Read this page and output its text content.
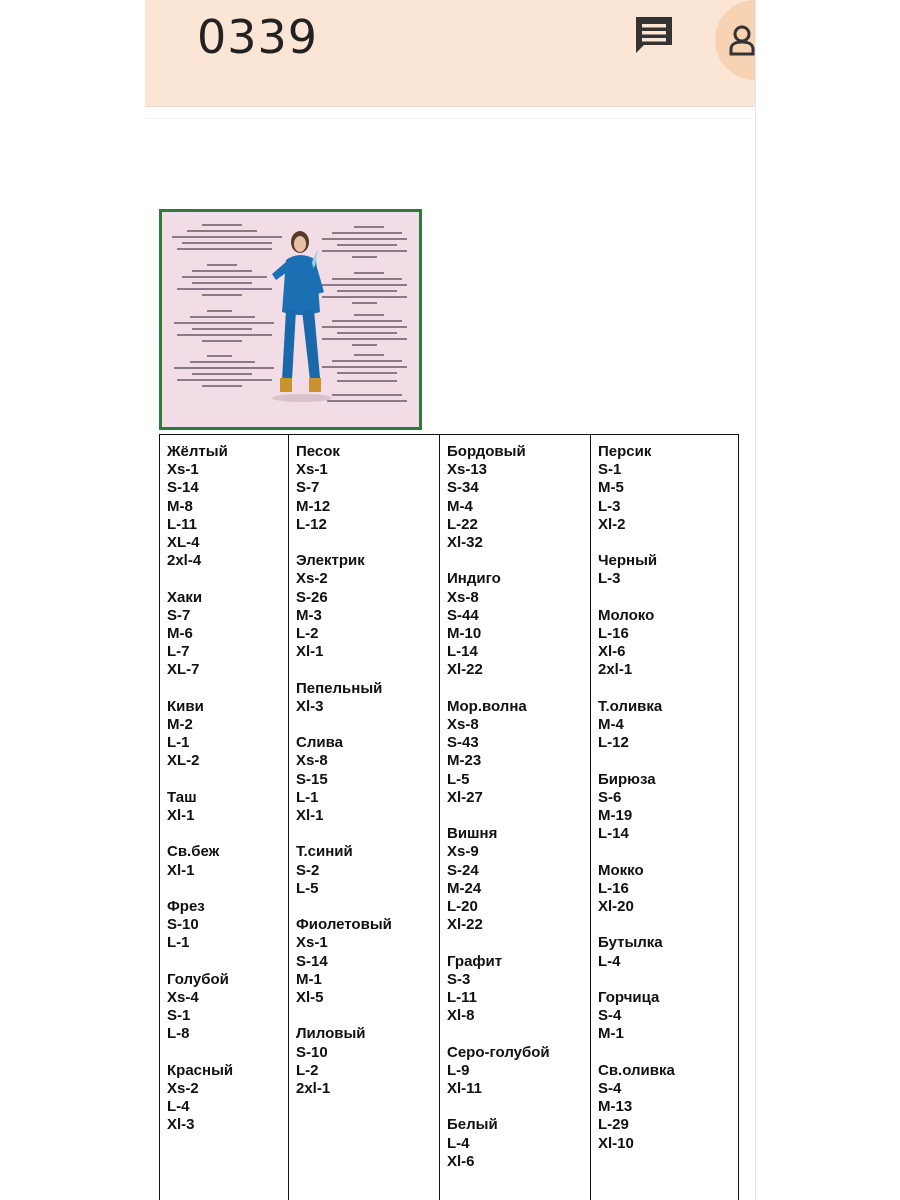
0339
Жёлтый
Xs-1
S-14
M-8
L-11
XL-4
2xl-4
Хаки
S-7
M-6
L-7
XL-7
Киви
M-2
L-1
XL-2
Таш
Xl-1
Св.беж
Xl-1
Фрез
S-10
L-1
Голубой
Xs-4
S-1
L-8
Красный
Xs-2
L-4
Xl-3
Песок
Xs-1
S-7
M-12
L-12
Электрик
Xs-2
S-26
M-3
L-2
Xl-1
Пепельный
Xl-3
Слива
Xs-8
S-15
L-1
Xl-1
Т.синий
S-2
L-5
Фиолетовый
Xs-1
S-14
M-1
Xl-5
Лиловый
S-10
L-2
2xl-1
Бордовый
Xs-13
S-34
M-4
L-22
Xl-32
Индиго
Xs-8
S-44
M-10
L-14
Xl-22
Мор.волна
Xs-8
S-43
M-23
L-5
Xl-27
Вишня
Xs-9
S-24
M-24
L-20
Xl-22
Графит
S-3
L-11
Xl-8
Серо-голубой
L-9
Xl-11
Белый
L-4
Xl-6
Персик
S-1
M-5
L-3
Xl-2
Черный
L-3
Молоко
L-16
Xl-6
2xl-1
Т.оливка
M-4
L-12
Бирюза
S-6
M-19
L-14
Мокко
L-16
Xl-20
Бутылка
L-4
Горчица
S-4
M-1
Св.оливка
S-4
M-13
L-29
Xl-10
